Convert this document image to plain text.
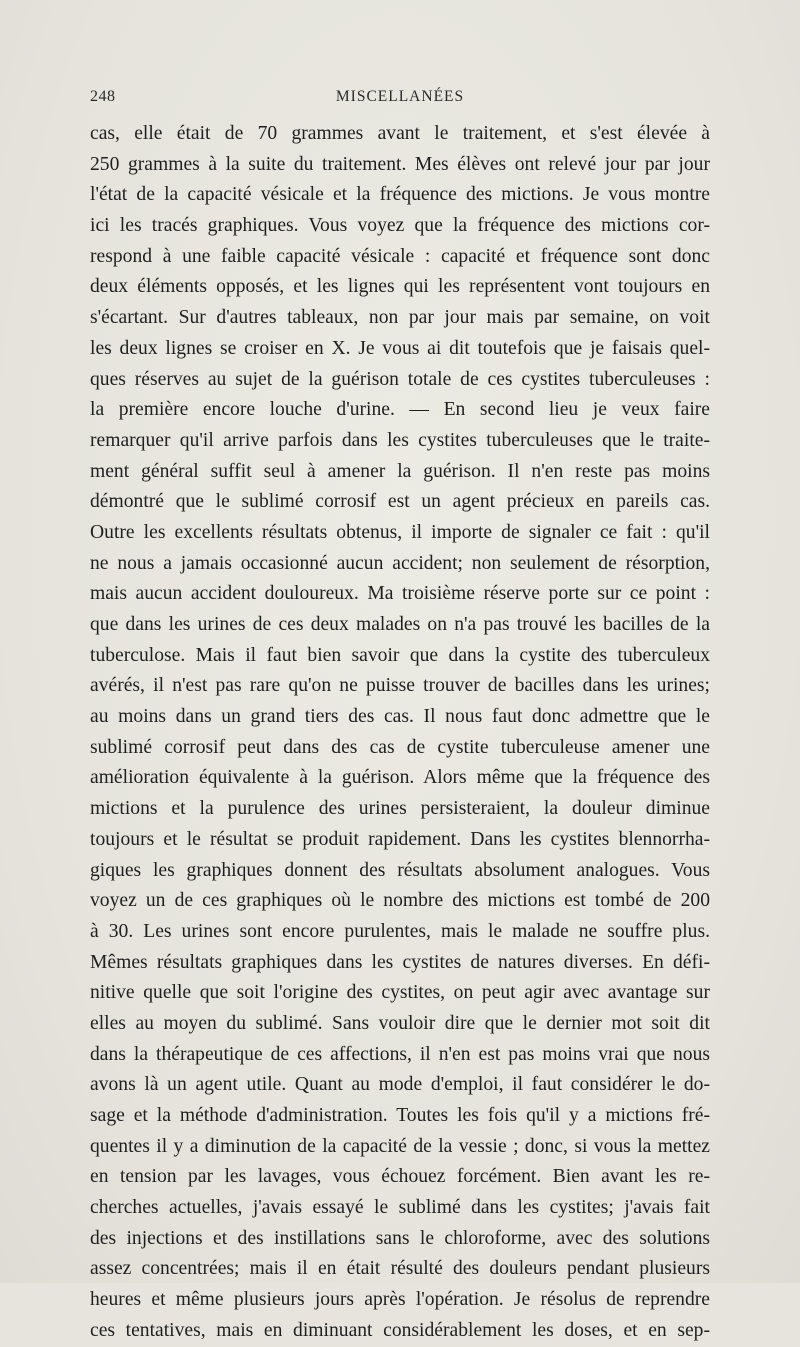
248	MISCELLANÉES
cas, elle était de 70 grammes avant le traitement, et s'est élevée à
250 grammes à la suite du traitement. Mes élèves ont relevé jour par jour
l'état de la capacité vésicale et la fréquence des mictions. Je vous montre
ici les tracés graphiques. Vous voyez que la fréquence des mictions cor-
respond à une faible capacité vésicale : capacité et fréquence sont donc
deux éléments opposés, et les lignes qui les représentent vont toujours en
s'écartant. Sur d'autres tableaux, non par jour mais par semaine, on voit
les deux lignes se croiser en X. Je vous ai dit toutefois que je faisais quel-
ques réserves au sujet de la guérison totale de ces cystites tuberculeuses :
la première encore louche d'urine. — En second lieu je veux faire
remarquer qu'il arrive parfois dans les cystites tuberculeuses que le traite-
ment général suffit seul à amener la guérison. Il n'en reste pas moins
démontré que le sublimé corrosif est un agent précieux en pareils cas.
Outre les excellents résultats obtenus, il importe de signaler ce fait : qu'il
ne nous a jamais occasionné aucun accident; non seulement de résorption,
mais aucun accident douloureux. Ma troisième réserve porte sur ce point :
que dans les urines de ces deux malades on n'a pas trouvé les bacilles de la
tuberculose. Mais il faut bien savoir que dans la cystite des tuberculeux
avérés, il n'est pas rare qu'on ne puisse trouver de bacilles dans les urines;
au moins dans un grand tiers des cas. Il nous faut donc admettre que le
sublimé corrosif peut dans des cas de cystite tuberculeuse amener une
amélioration équivalente à la guérison. Alors même que la fréquence des
mictions et la purulence des urines persisteraient, la douleur diminue
toujours et le résultat se produit rapidement. Dans les cystites blennorrha-
giques les graphiques donnent des résultats absolument analogues. Vous
voyez un de ces graphiques où le nombre des mictions est tombé de 200
à 30. Les urines sont encore purulentes, mais le malade ne souffre plus.
Mêmes résultats graphiques dans les cystites de natures diverses. En défi-
nitive quelle que soit l'origine des cystites, on peut agir avec avantage sur
elles au moyen du sublimé. Sans vouloir dire que le dernier mot soit dit
dans la thérapeutique de ces affections, il n'en est pas moins vrai que nous
avons là un agent utile. Quant au mode d'emploi, il faut considérer le do-
sage et la méthode d'administration. Toutes les fois qu'il y a mictions fré-
quentes il y a diminution de la capacité de la vessie ; donc, si vous la mettez
en tension par les lavages, vous échouez forcément. Bien avant les re-
cherches actuelles, j'avais essayé le sublimé dans les cystites; j'avais fait
des injections et des instillations sans le chloroforme, avec des solutions
assez concentrées; mais il en était résulté des douleurs pendant plusieurs
heures et même plusieurs jours après l'opération. Je résolus de reprendre
ces tentatives, mais en diminuant considérablement les doses, et en sep-
